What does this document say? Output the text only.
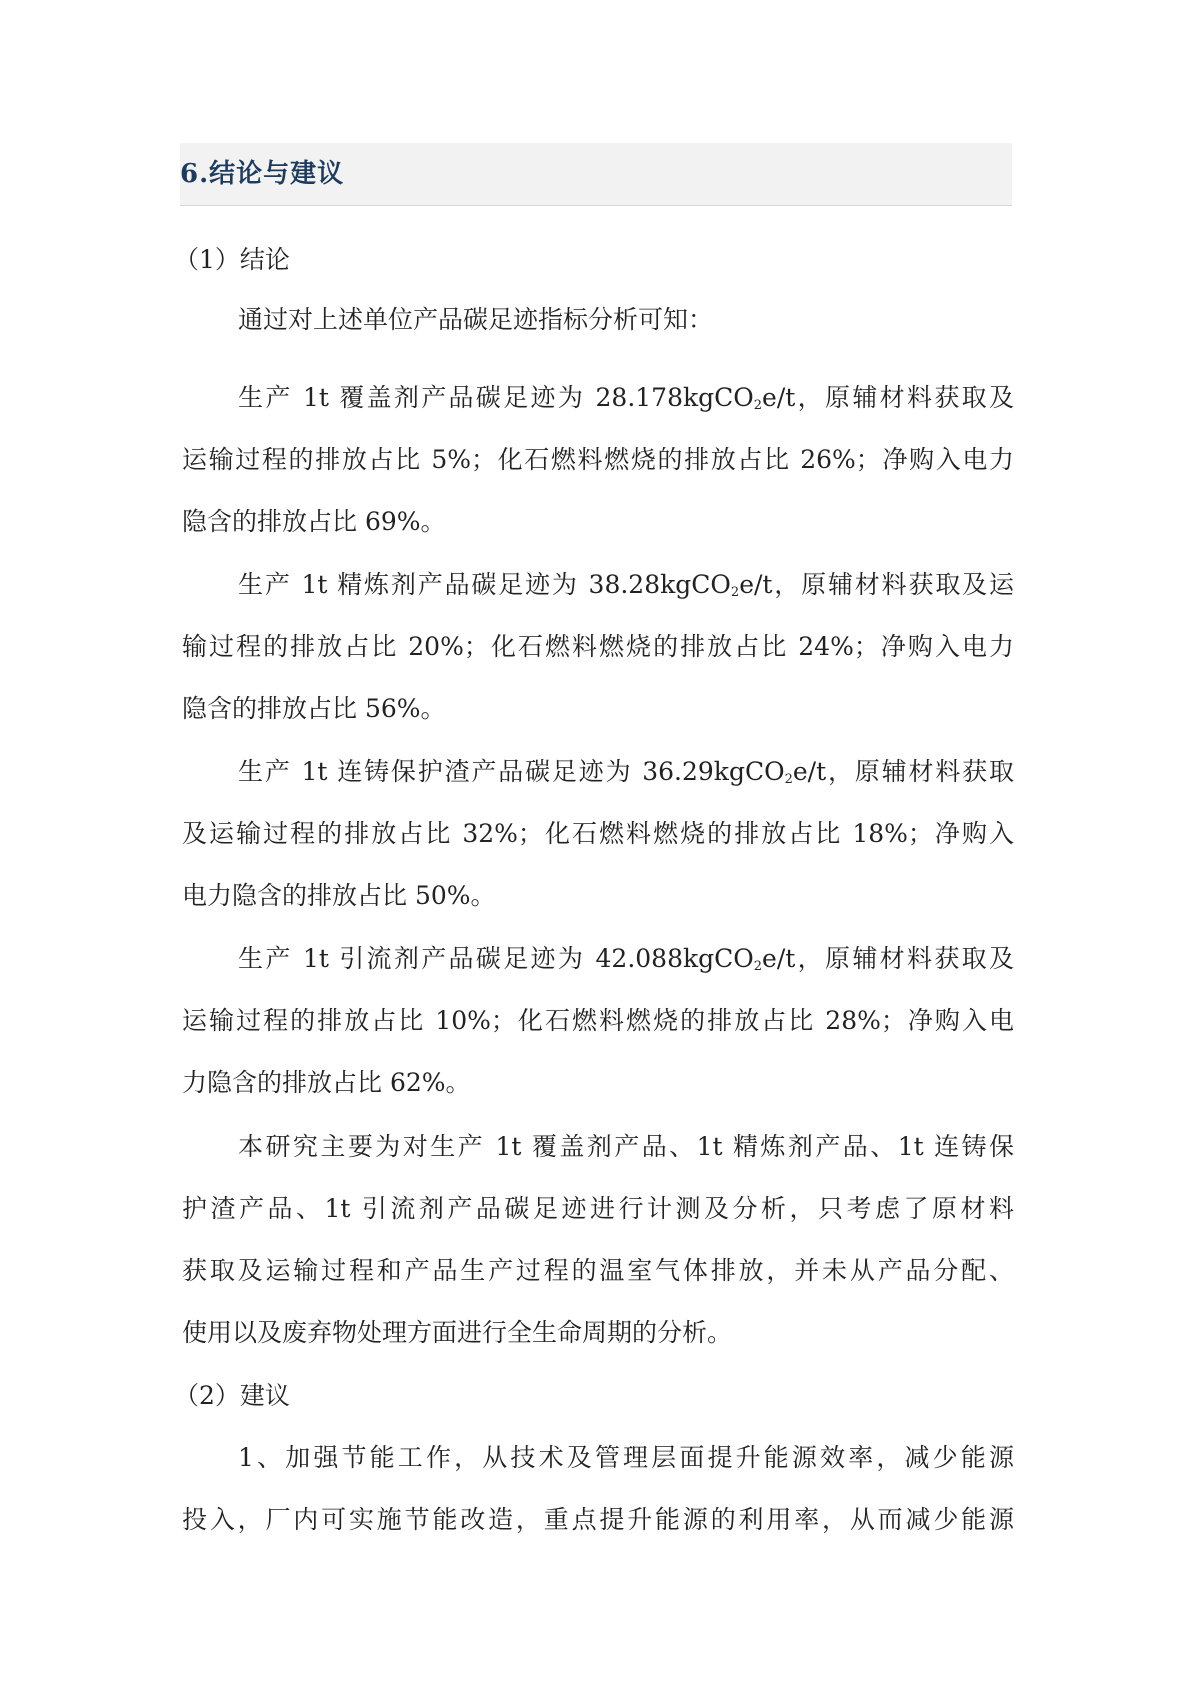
6.结论与建议
（1）结论
通过对上述单位产品碳足迹指标分析可知：
生产 1t 覆盖剂产品碳足迹为 28.178kgCO$_2$e/t，原辅材料获取及
运输过程的排放占比 5%；化石燃料燃烧的排放占比 26%；净购入电力
隐含的排放占比 69%。
生产 1t 精炼剂产品碳足迹为 38.28kgCO$_2$e/t，原辅材料获取及运
输过程的排放占比 20%；化石燃料燃烧的排放占比 24%；净购入电力
隐含的排放占比 56%。
生产 1t 连铸保护渣产品碳足迹为 36.29kgCO$_2$e/t，原辅材料获取
及运输过程的排放占比 32%；化石燃料燃烧的排放占比 18%；净购入
电力隐含的排放占比 50%。
生产 1t 引流剂产品碳足迹为 42.088kgCO$_2$e/t，原辅材料获取及
运输过程的排放占比 10%；化石燃料燃烧的排放占比 28%；净购入电
力隐含的排放占比 62%。
本研究主要为对生产 1t 覆盖剂产品、1t 精炼剂产品、1t 连铸保
护渣产品、1t 引流剂产品碳足迹进行计测及分析，只考虑了原材料
获取及运输过程和产品生产过程的温室气体排放，并未从产品分配、
使用以及废弃物处理方面进行全生命周期的分析。
（2）建议
1、加强节能工作，从技术及管理层面提升能源效率，减少能源
投入，厂内可实施节能改造，重点提升能源的利用率，从而减少能源
